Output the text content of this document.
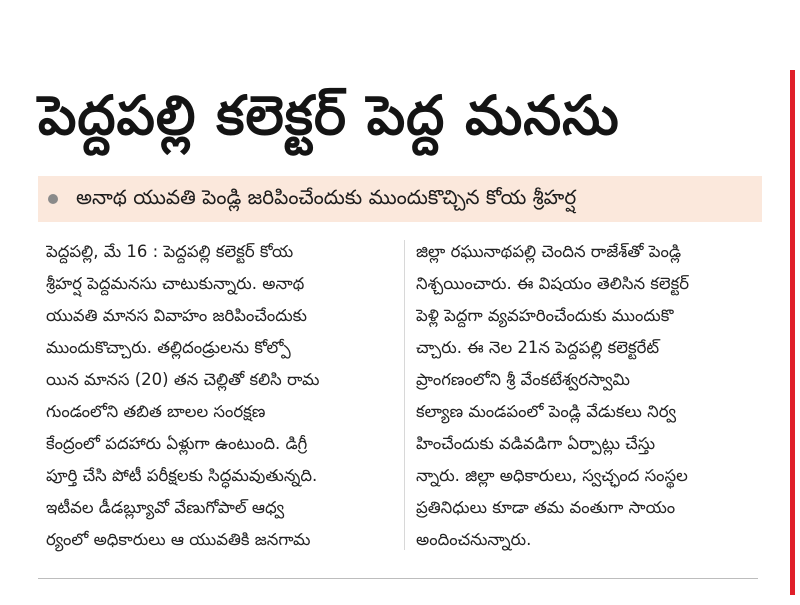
పెద్దపల్లి కలెక్టర్ పెద్ద మనసు
అనాథ యువతి పెండ్లి జరిపించేందుకు ముందుకొచ్చిన కోయ శ్రీహర్ష
పెద్దపల్లి, మే 16 : పెద్దపల్లి కలెక్టర్ కోయ
శ్రీహర్ష పెద్దమనసు చాటుకున్నారు. అనాథ
యువతి మానస వివాహం జరిపించేందుకు
ముందుకొచ్చారు. తల్లిదండ్రులను కోల్పో
యిన మానస (20) తన చెల్లితో కలిసి రామ
గుండంలోని తబిత బాలల సంరక్షణ
కేంద్రంలో పదహారు ఏళ్లుగా ఉంటుంది. డిగ్రీ
పూర్తి చేసి పోటీ పరీక్షలకు సిద్ధమవుతున్నది.
ఇటీవల డీడబ్ల్యూవో వేణుగోపాల్ ఆధ్వ
ర్యంలో అధికారులు ఆ యువతికి జనగామ
జిల్లా రఘునాథపల్లి చెందిన రాజేశ్‌తో పెండ్లి
నిశ్చయించారు. ఈ విషయం తెలిసిన కలెక్టర్
పెళ్లి పెద్దగా వ్యవహరించేందుకు ముందుకొ
చ్చారు. ఈ నెల 21న పెద్దపల్లి కలెక్టరేట్
ప్రాంగణంలోని శ్రీ వేంకటేశ్వరస్వామి
కల్యాణ మండపంలో పెండ్లి వేడుకలు నిర్వ
హించేందుకు వడివడిగా ఏర్పాట్లు చేస్తు
న్నారు. జిల్లా అధికారులు, స్వచ్ఛంద సంస్థల
ప్రతినిధులు కూడా తమ వంతుగా సాయం
అందించనున్నారు.
